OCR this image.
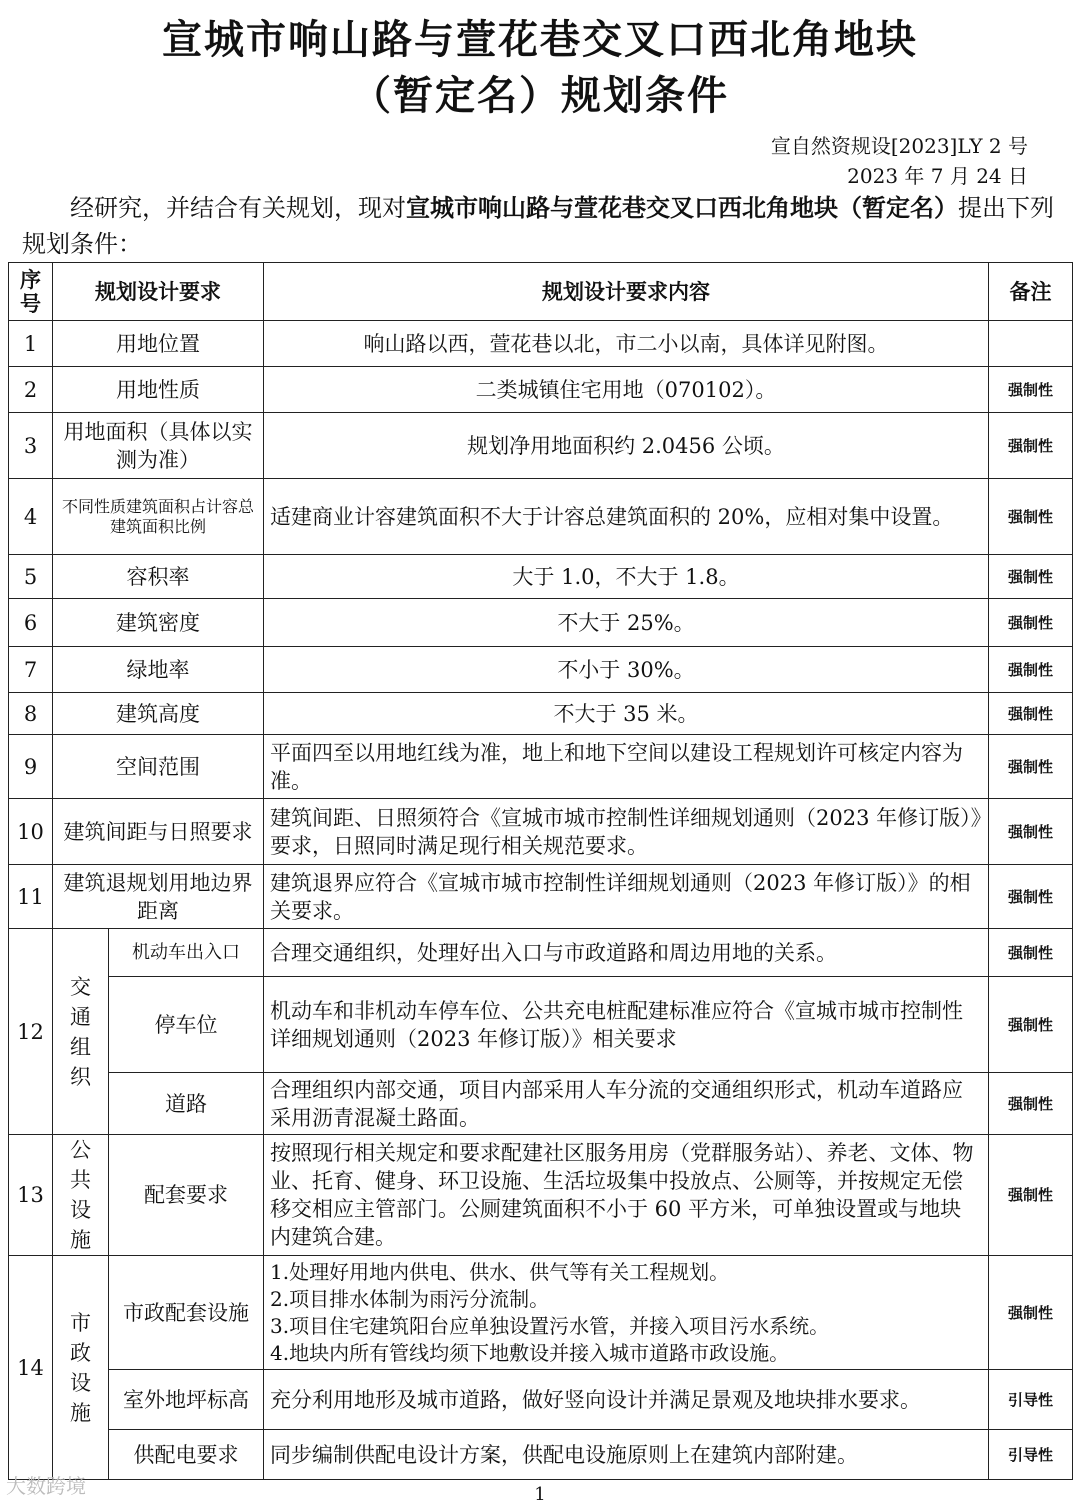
宣城市响山路与萱花巷交叉口西北角地块
（暂定名）规划条件
宣自然资规设[2023]LY 2 号
2023 年 7 月 24 日
经研究，并结合有关规划，现对宣城市响山路与萱花巷交叉口西北角地块（暂定名）提出下列规划条件：
序号	规划设计要求		规划设计要求内容	备注
1	用地位置		响山路以西，萱花巷以北，市二小以南，具体详见附图。	
2	用地性质		二类城镇住宅用地（070102）。	强制性
3	用地面积（具体以实测为准）		规划净用地面积约 2.0456 公顷。	强制性
4	不同性质建筑面积占计容总建筑面积比例		适建商业计容建筑面积不大于计容总建筑面积的 20%，应相对集中设置。	强制性
5	容积率		大于 1.0，不大于 1.8。	强制性
6	建筑密度		不大于 25%。	强制性
7	绿地率		不小于 30%。	强制性
8	建筑高度		不大于 35 米。	强制性
9	空间范围		平面四至以用地红线为准，地上和地下空间以建设工程规划许可核定内容为准。	强制性
10	建筑间距与日照要求		建筑间距、日照须符合《宣城市城市控制性详细规划通则（2023 年修订版）》要求，日照同时满足现行相关规范要求。	强制性
11	建筑退规划用地边界距离		建筑退界应符合《宣城市城市控制性详细规划通则（2023 年修订版）》的相关要求。	强制性
12	交通组织	机动车出入口	合理交通组织，处理好出入口与市政道路和周边用地的关系。	强制性
		停车位	机动车和非机动车停车位、公共充电桩配建标准应符合《宣城市城市控制性详细规划通则（2023 年修订版）》相关要求	强制性
		道路	合理组织内部交通，项目内部采用人车分流的交通组织形式，机动车道路应采用沥青混凝土路面。	强制性
13	公共设施	配套要求	按照现行相关规定和要求配建社区服务用房（党群服务站）、养老、文体、物业、托育、健身、环卫设施、生活垃圾集中投放点、公厕等，并按规定无偿移交相应主管部门。公厕建筑面积不小于 60 平方米，可单独设置或与地块内建筑合建。	强制性
14	市政设施	市政配套设施	1.处理好用地内供电、供水、供气等有关工程规划。
2.项目排水体制为雨污分流制。
3.项目住宅建筑阳台应单独设置污水管，并接入项目污水系统。
4.地块内所有管线均须下地敷设并接入城市道路市政设施。	强制性
		室外地坪标高	充分利用地形及城市道路，做好竖向设计并满足景观及地块排水要求。	引导性
		供配电要求	同步编制供配电设计方案，供配电设施原则上在建筑内部附建。	引导性
大数跨境	1
